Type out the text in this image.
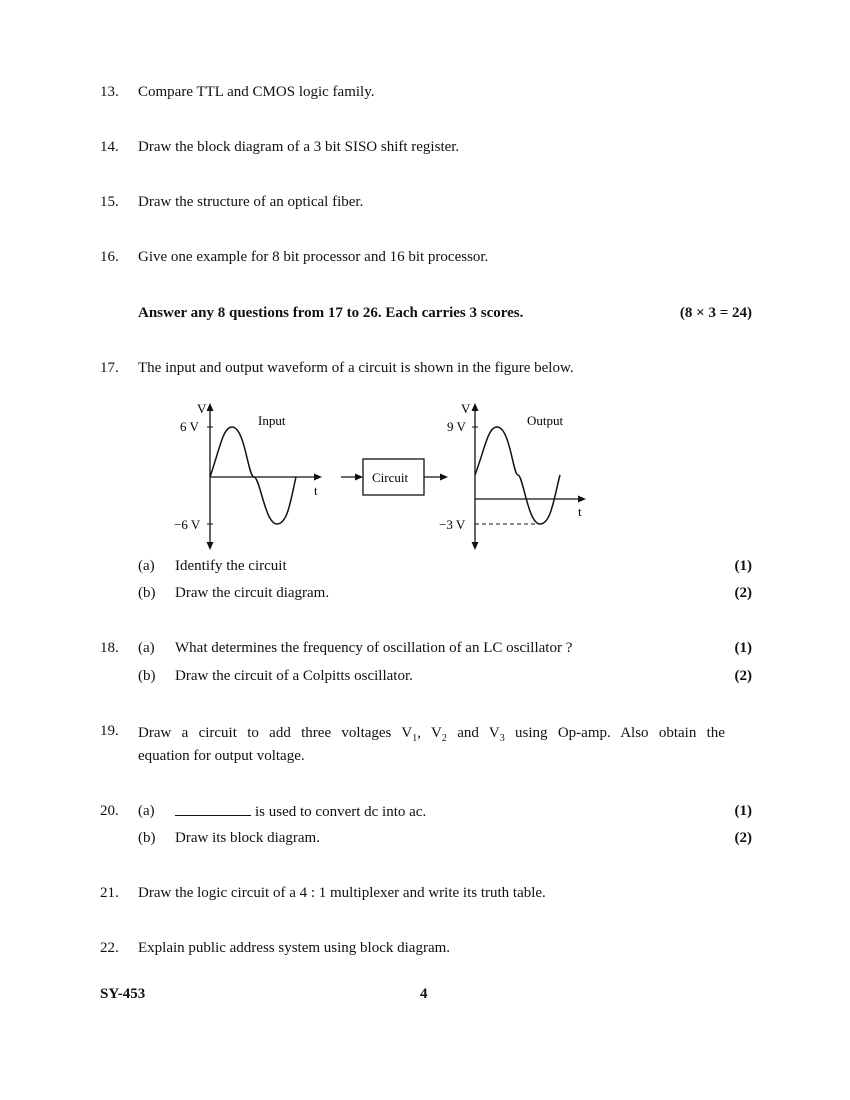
13. Compare TTL and CMOS logic family.
14. Draw the block diagram of a 3 bit SISO shift register.
15. Draw the structure of an optical fiber.
16. Give one example for 8 bit processor and 16 bit processor.
Answer any 8 questions from 17 to 26. Each carries 3 scores.	(8 × 3 = 24)
17. The input and output waveform of a circuit is shown in the figure below.
V
Input
6 V
−6 V
t
Circuit
V
Output
9 V
−3 V
t
(a) Identify the circuit	(1)
(b) Draw the circuit diagram.	(2)
18. (a) What determines the frequency of oscillation of an LC oscillator ?	(1)
(b) Draw the circuit of a Colpitts oscillator.	(2)
19. Draw a circuit to add three voltages $V_1$, $V_2$ and $V_3$ using Op-amp. Also obtain the
equation for output voltage.
20. (a)	is used to convert dc into ac.	(1)
(b) Draw its block diagram.	(2)
21. Draw the logic circuit of a 4 : 1 multiplexer and write its truth table.
22. Explain public address system using block diagram.
SY-453	4
